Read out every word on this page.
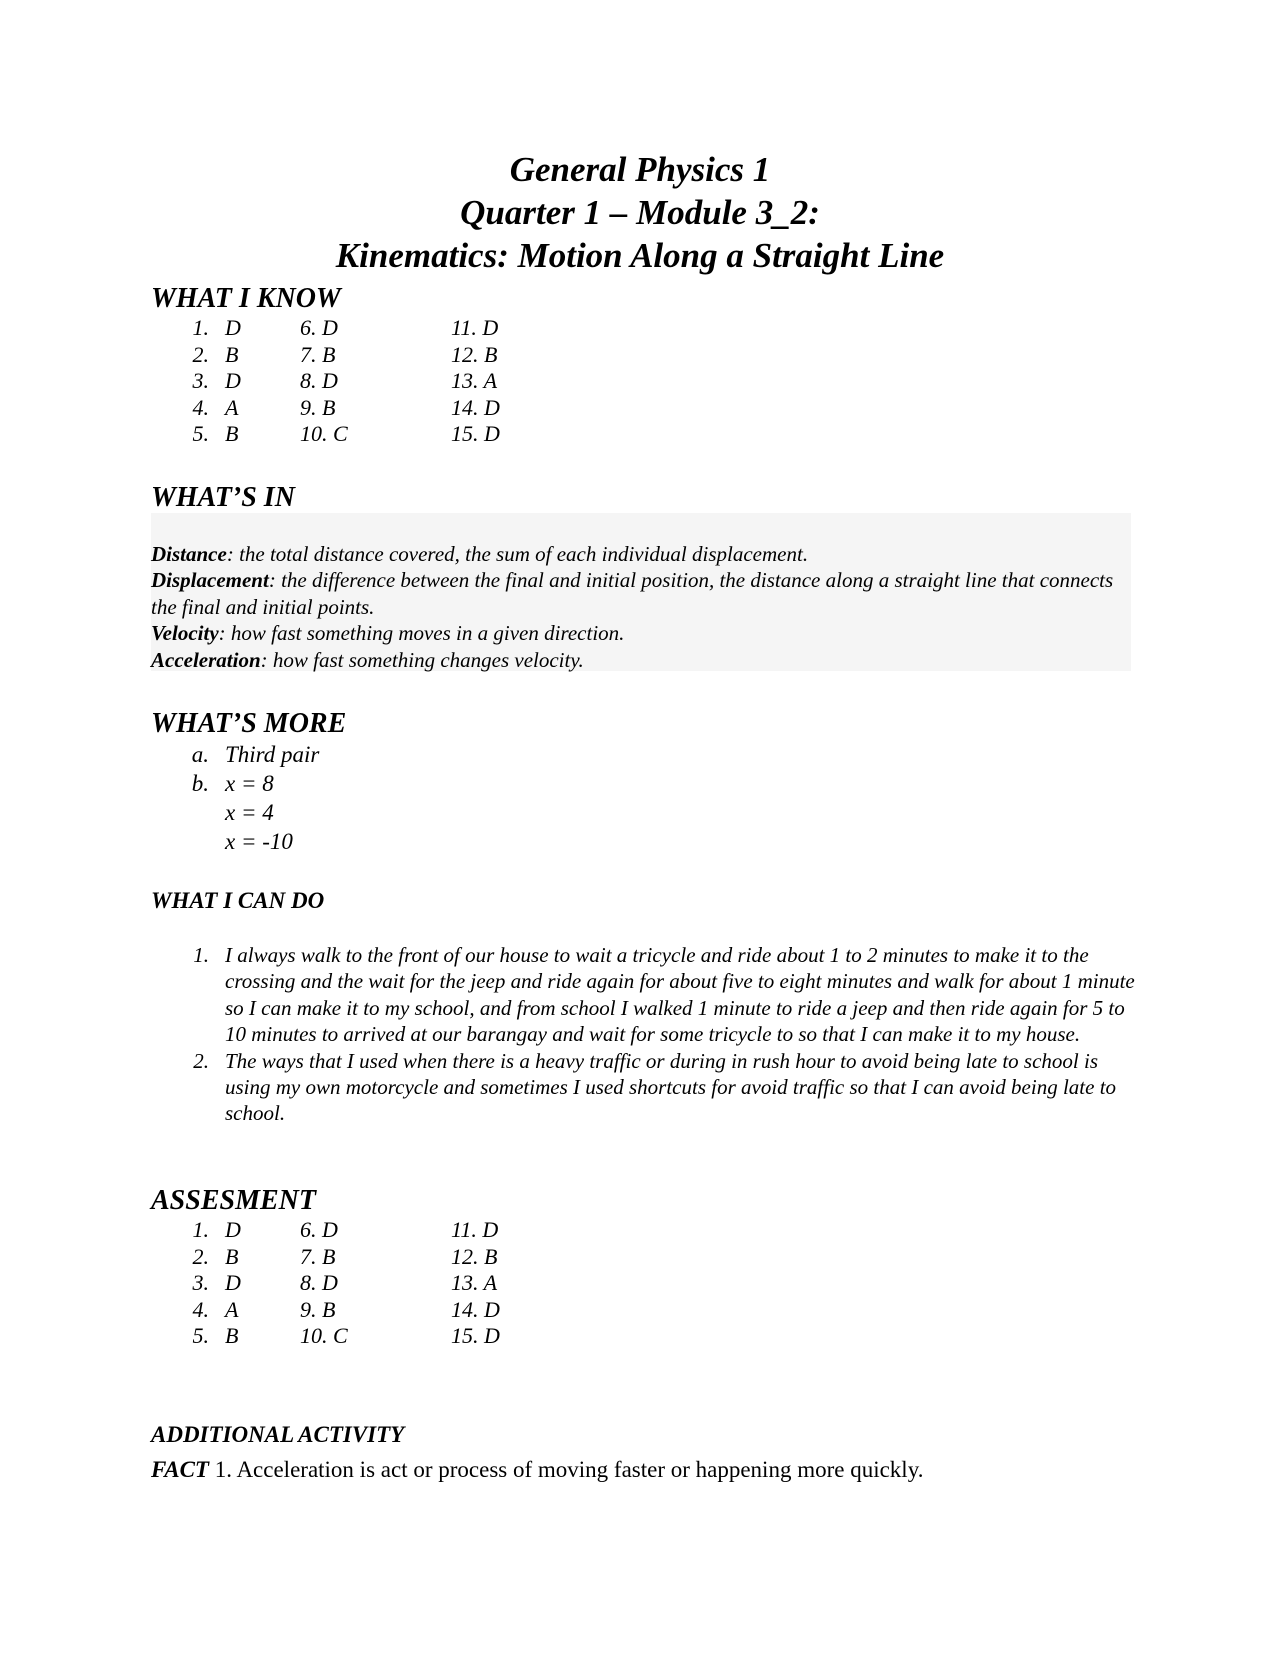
General Physics 1
Quarter 1 – Module 3_2:
Kinematics: Motion Along a Straight Line
WHAT I KNOW
1. D	6. D	11. D
2. B	7. B	12. B
3. D	8. D	13. A
4. A	9. B	14. D
5. B	10. C	15. D
WHAT’S IN

Distance: the total distance covered, the sum of each individual displacement.

Displacement: the difference between the final and initial position, the distance along a straight line that connects the final and initial points.

Velocity: how fast something moves in a given direction.

Acceleration: how fast something changes velocity.

WHAT’S MORE
a. Third pair
b. x = 8
x = 4
x = -10
WHAT I CAN DO
1. I always walk to the front of our house to wait a tricycle and ride about 1 to 2 minutes to make it to the crossing and the wait for the jeep and ride again for about five to eight minutes and walk for about 1 minute so I can make it to my school, and from school I walked 1 minute to ride a jeep and then ride again for 5 to 10 minutes to arrived at our barangay and wait for some tricycle to so that I can make it to my house.
2. The ways that I used when there is a heavy traffic or during in rush hour to avoid being late to school is using my own motorcycle and sometimes I used shortcuts for avoid traffic so that I can avoid being late to school.
ASSESMENT
1. D	6. D	11. D
2. B	7. B	12. B
3. D	8. D	13. A
4. A	9. B	14. D
5. B	10. C	15. D
ADDITIONAL ACTIVITY
FACT 1. Acceleration is act or process of moving faster or happening more quickly.
